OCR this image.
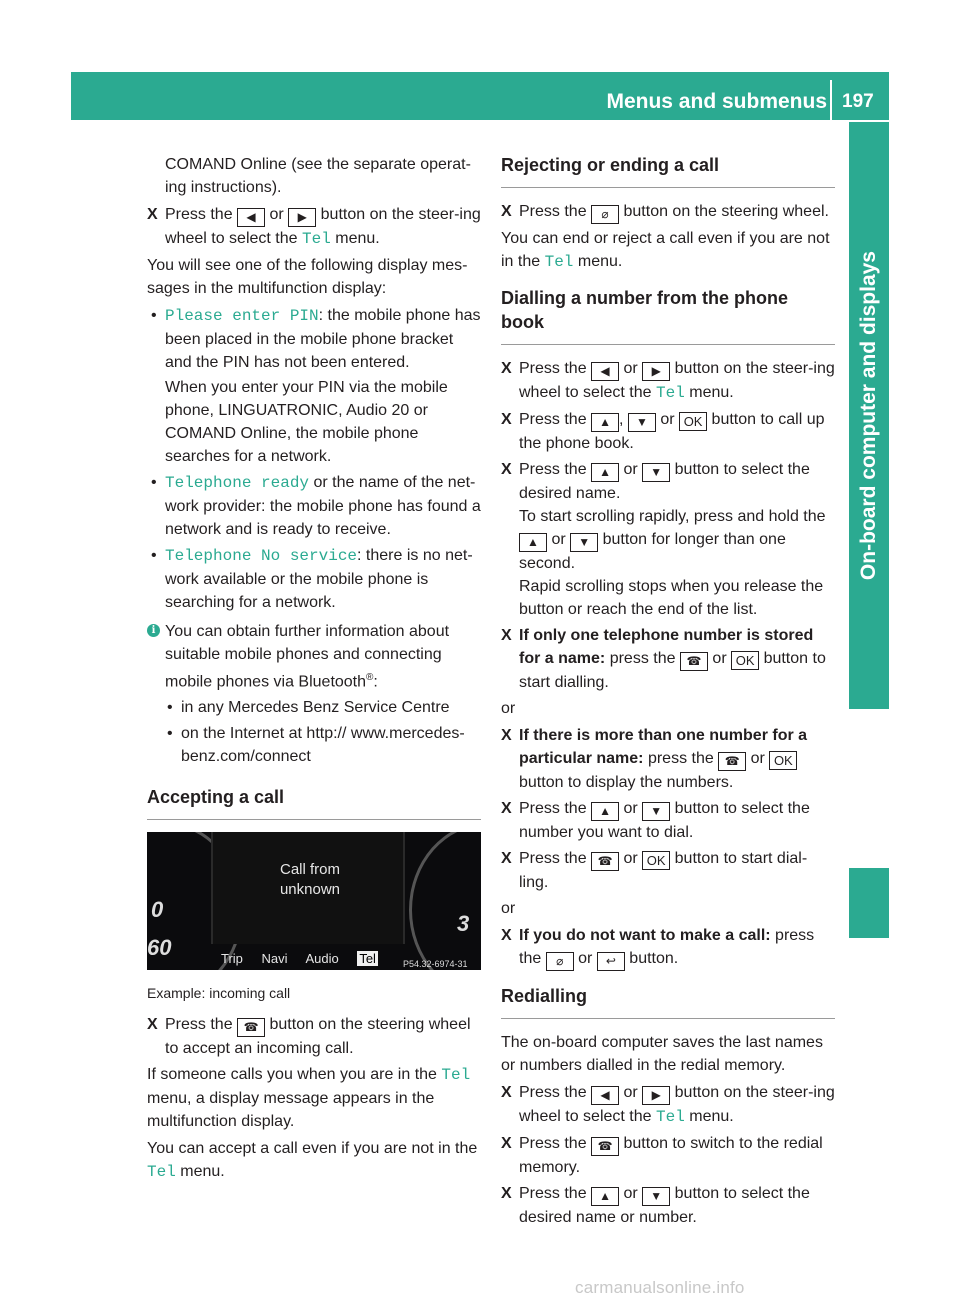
Menus and submenus 197
On-board computer and displays

COMAND Online (see the separate operat-ing instructions).

X Press the ◀ or ▶ button on the steer-ing wheel to select the Tel menu.

You will see one of the following display mes-sages in the multifunction display:

• Please enter PIN: the mobile phone has been placed in the mobile phone bracket and the PIN has not been entered.
When you enter your PIN via the mobile phone, LINGUATRONIC, Audio 20 or COMAND Online, the mobile phone searches for a network.
• Telephone ready or the name of the net-work provider: the mobile phone has found a network and is ready to receive.
• Telephone No service: there is no net-work available or the mobile phone is searching for a network.
i You can obtain further information about suitable mobile phones and connecting mobile phones via Bluetooth®:
• in any Mercedes Benz Service Centre
• on the Internet at http:// www.mercedes-benz.com/connect
Accepting a call
0
60
3
Call from
unknown
Trip Navi Audio Tel	P54.32-6974-31

Example: incoming call

X Press the ☎ button on the steering wheel to accept an incoming call.

If someone calls you when you are in the Tel menu, a display message appears in the multifunction display.

You can accept a call even if you are not in the Tel menu.

Rejecting or ending a call
X Press the ⌀ button on the steering wheel.

You can end or reject a call even if you are not in the Tel menu.

Dialling a number from the phone book
X Press the ◀ or ▶ button on the steer-ing wheel to select the Tel menu.
X Press the ▲ , ▼ or OK button to call up the phone book.
X Press the ▲ or ▼ button to select the desired name.
To start scrolling rapidly, press and hold the ▲ or ▼ button for longer than one second.
Rapid scrolling stops when you release the button or reach the end of the list.
X If only one telephone number is stored for a name: press the ☎ or OK button to start dialling.

or

X If there is more than one number for a particular name: press the ☎ or OK button to display the numbers.
X Press the ▲ or ▼ button to select the number you want to dial.
X Press the ☎ or OK button to start dial-ling.

or

X If you do not want to make a call: press the ⌀ or ↩ button.
Redialling

The on-board computer saves the last names or numbers dialled in the redial memory.

X Press the ◀ or ▶ button on the steer-ing wheel to select the Tel menu.
X Press the ☎ button to switch to the redial memory.
X Press the ▲ or ▼ button to select the desired name or number.
carmanualsonline.info
